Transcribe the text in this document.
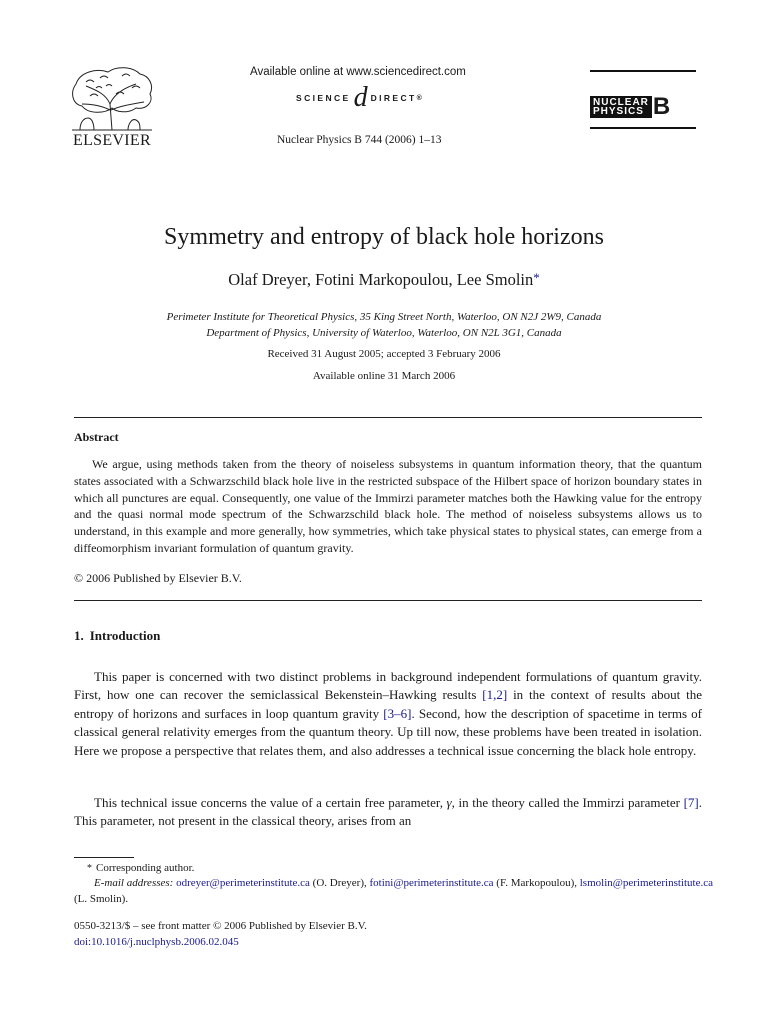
ELSEVIER
Available online at www.sciencedirect.com
SCIENCE d DIRECT ®
Nuclear Physics B 744 (2006) 1–13
NUCLEAR
PHYSICS B
Symmetry and entropy of black hole horizons
Olaf Dreyer, Fotini Markopoulou, Lee Smolin*
Perimeter Institute for Theoretical Physics, 35 King Street North, Waterloo, ON N2J 2W9, Canada
Department of Physics, University of Waterloo, Waterloo, ON N2L 3G1, Canada
Received 31 August 2005; accepted 3 February 2006
Available online 31 March 2006
Abstract

We argue, using methods taken from the theory of noiseless subsystems in quantum information theory, that the quantum states associated with a Schwarzschild black hole live in the restricted subspace of the Hilbert space of horizon boundary states in which all punctures are equal. Consequently, one value of the Immirzi parameter matches both the Hawking value for the entropy and the quasi normal mode spectrum of the Schwarzschild black hole. The method of noiseless subsystems allows us to understand, in this example and more generally, how symmetries, which take physical states to physical states, can emerge from a diffeomorphism invariant formulation of quantum gravity.

© 2006 Published by Elsevier B.V.
1. Introduction

This paper is concerned with two distinct problems in background independent formulations of quantum gravity. First, how one can recover the semiclassical Bekenstein–Hawking results [1,2] in the context of results about the entropy of horizons and surfaces in loop quantum gravity [3–6]. Second, how the description of spacetime in terms of classical general relativity emerges from the quantum theory. Up till now, these problems have been treated in isolation. Here we propose a perspective that relates them, and also addresses a technical issue concerning the black hole entropy.

This technical issue concerns the value of a certain free parameter, γ, in the theory called the Immirzi parameter [7]. This parameter, not present in the classical theory, arises from an

* Corresponding author.
E-mail addresses: odreyer@perimeterinstitute.ca (O. Dreyer), fotini@perimeterinstitute.ca (F. Markopoulou), lsmolin@perimeterinstitute.ca (L. Smolin).
0550-3213/$ – see front matter © 2006 Published by Elsevier B.V.
doi:10.1016/j.nuclphysb.2006.02.045
